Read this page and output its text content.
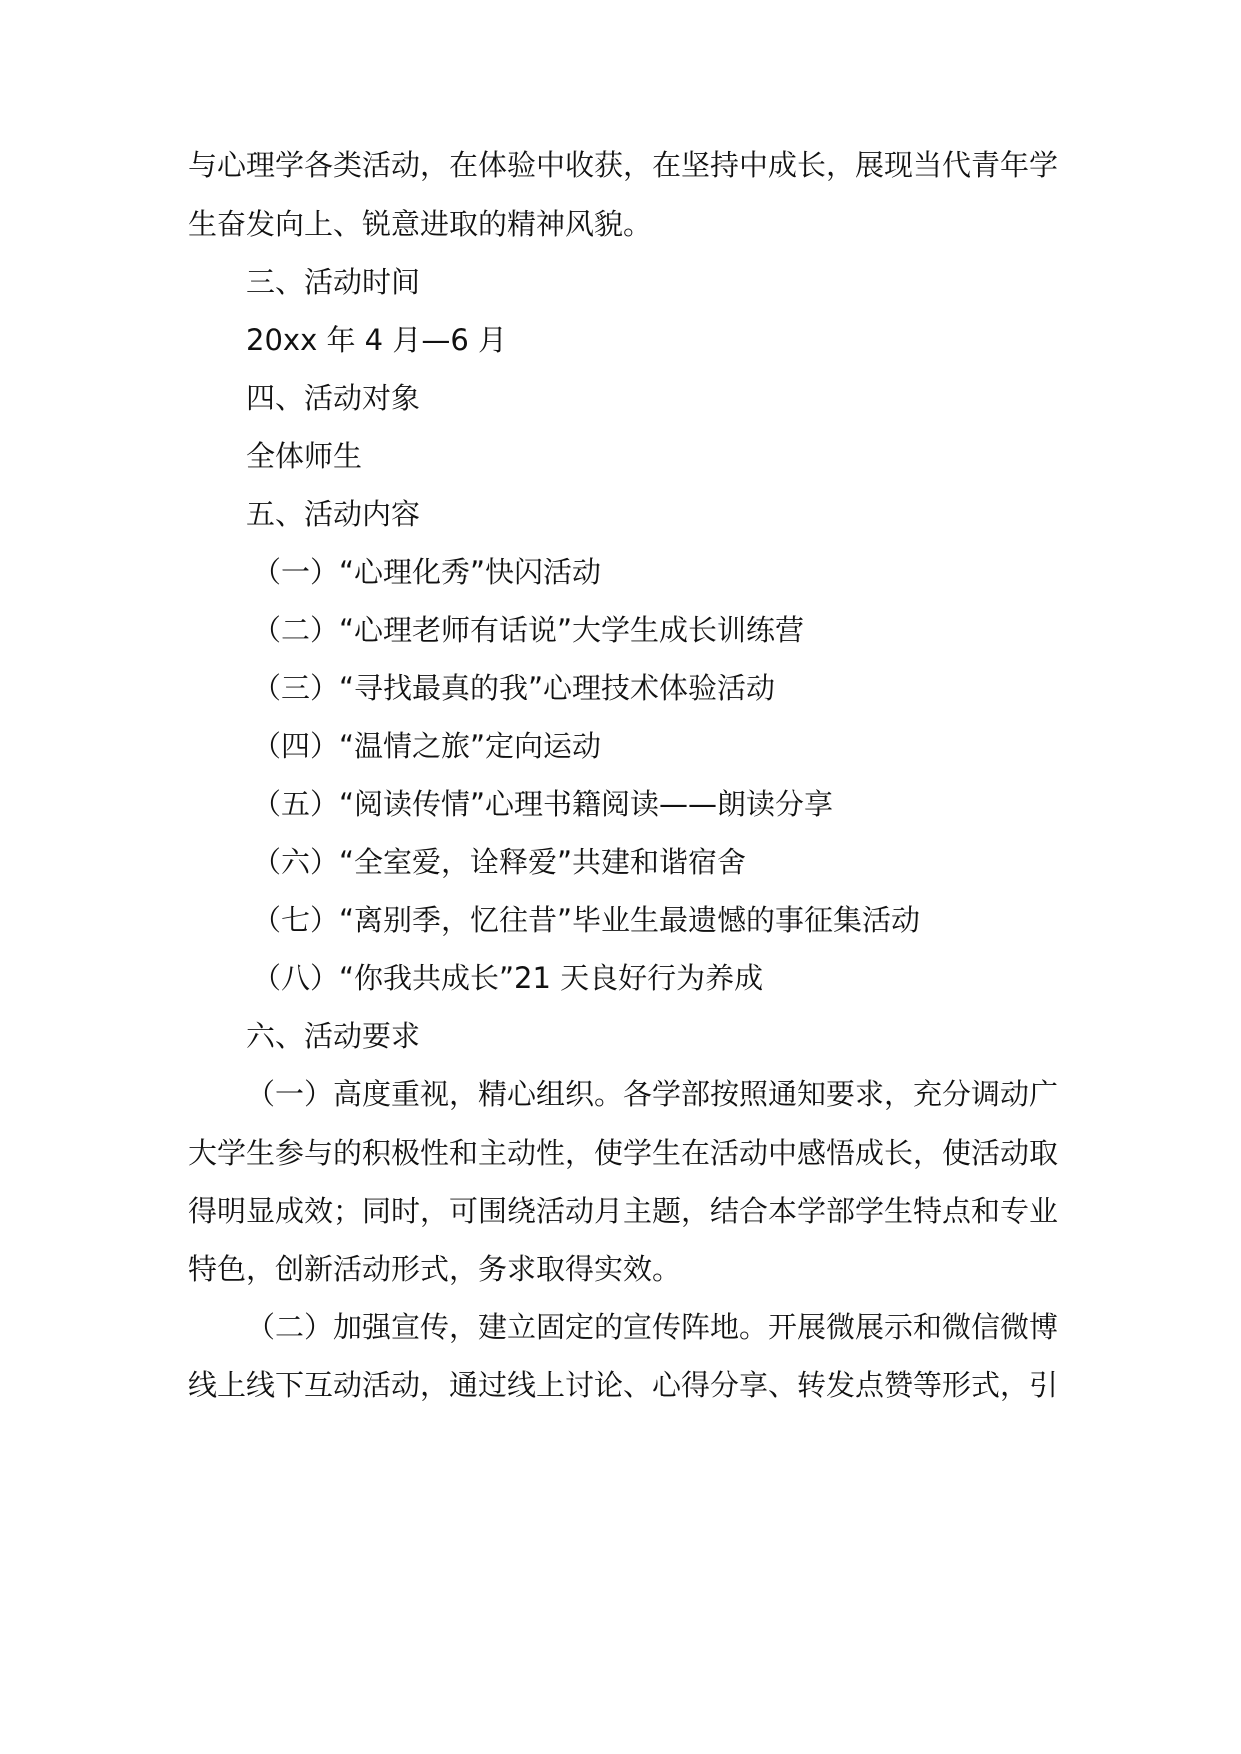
与心理学各类活动，在体验中收获，在坚持中成长，展现当代青年学
生奋发向上、锐意进取的精神风貌。
三、活动时间
20xx 年 4 月—6 月
四、活动对象
全体师生
五、活动内容
（一）“心理化秀”快闪活动
（二）“心理老师有话说”大学生成长训练营
（三）“寻找最真的我”心理技术体验活动
（四）“温情之旅”定向运动
（五）“阅读传情”心理书籍阅读——朗读分享
（六）“全室爱，诠释爱”共建和谐宿舍
（七）“离别季，忆往昔”毕业生最遗憾的事征集活动
（八）“你我共成长”21 天良好行为养成
六、活动要求
（一）高度重视，精心组织。各学部按照通知要求，充分调动广
大学生参与的积极性和主动性，使学生在活动中感悟成长，使活动取
得明显成效；同时，可围绕活动月主题，结合本学部学生特点和专业
特色，创新活动形式，务求取得实效。
（二）加强宣传，建立固定的宣传阵地。开展微展示和微信微博
线上线下互动活动，通过线上讨论、心得分享、转发点赞等形式，引
